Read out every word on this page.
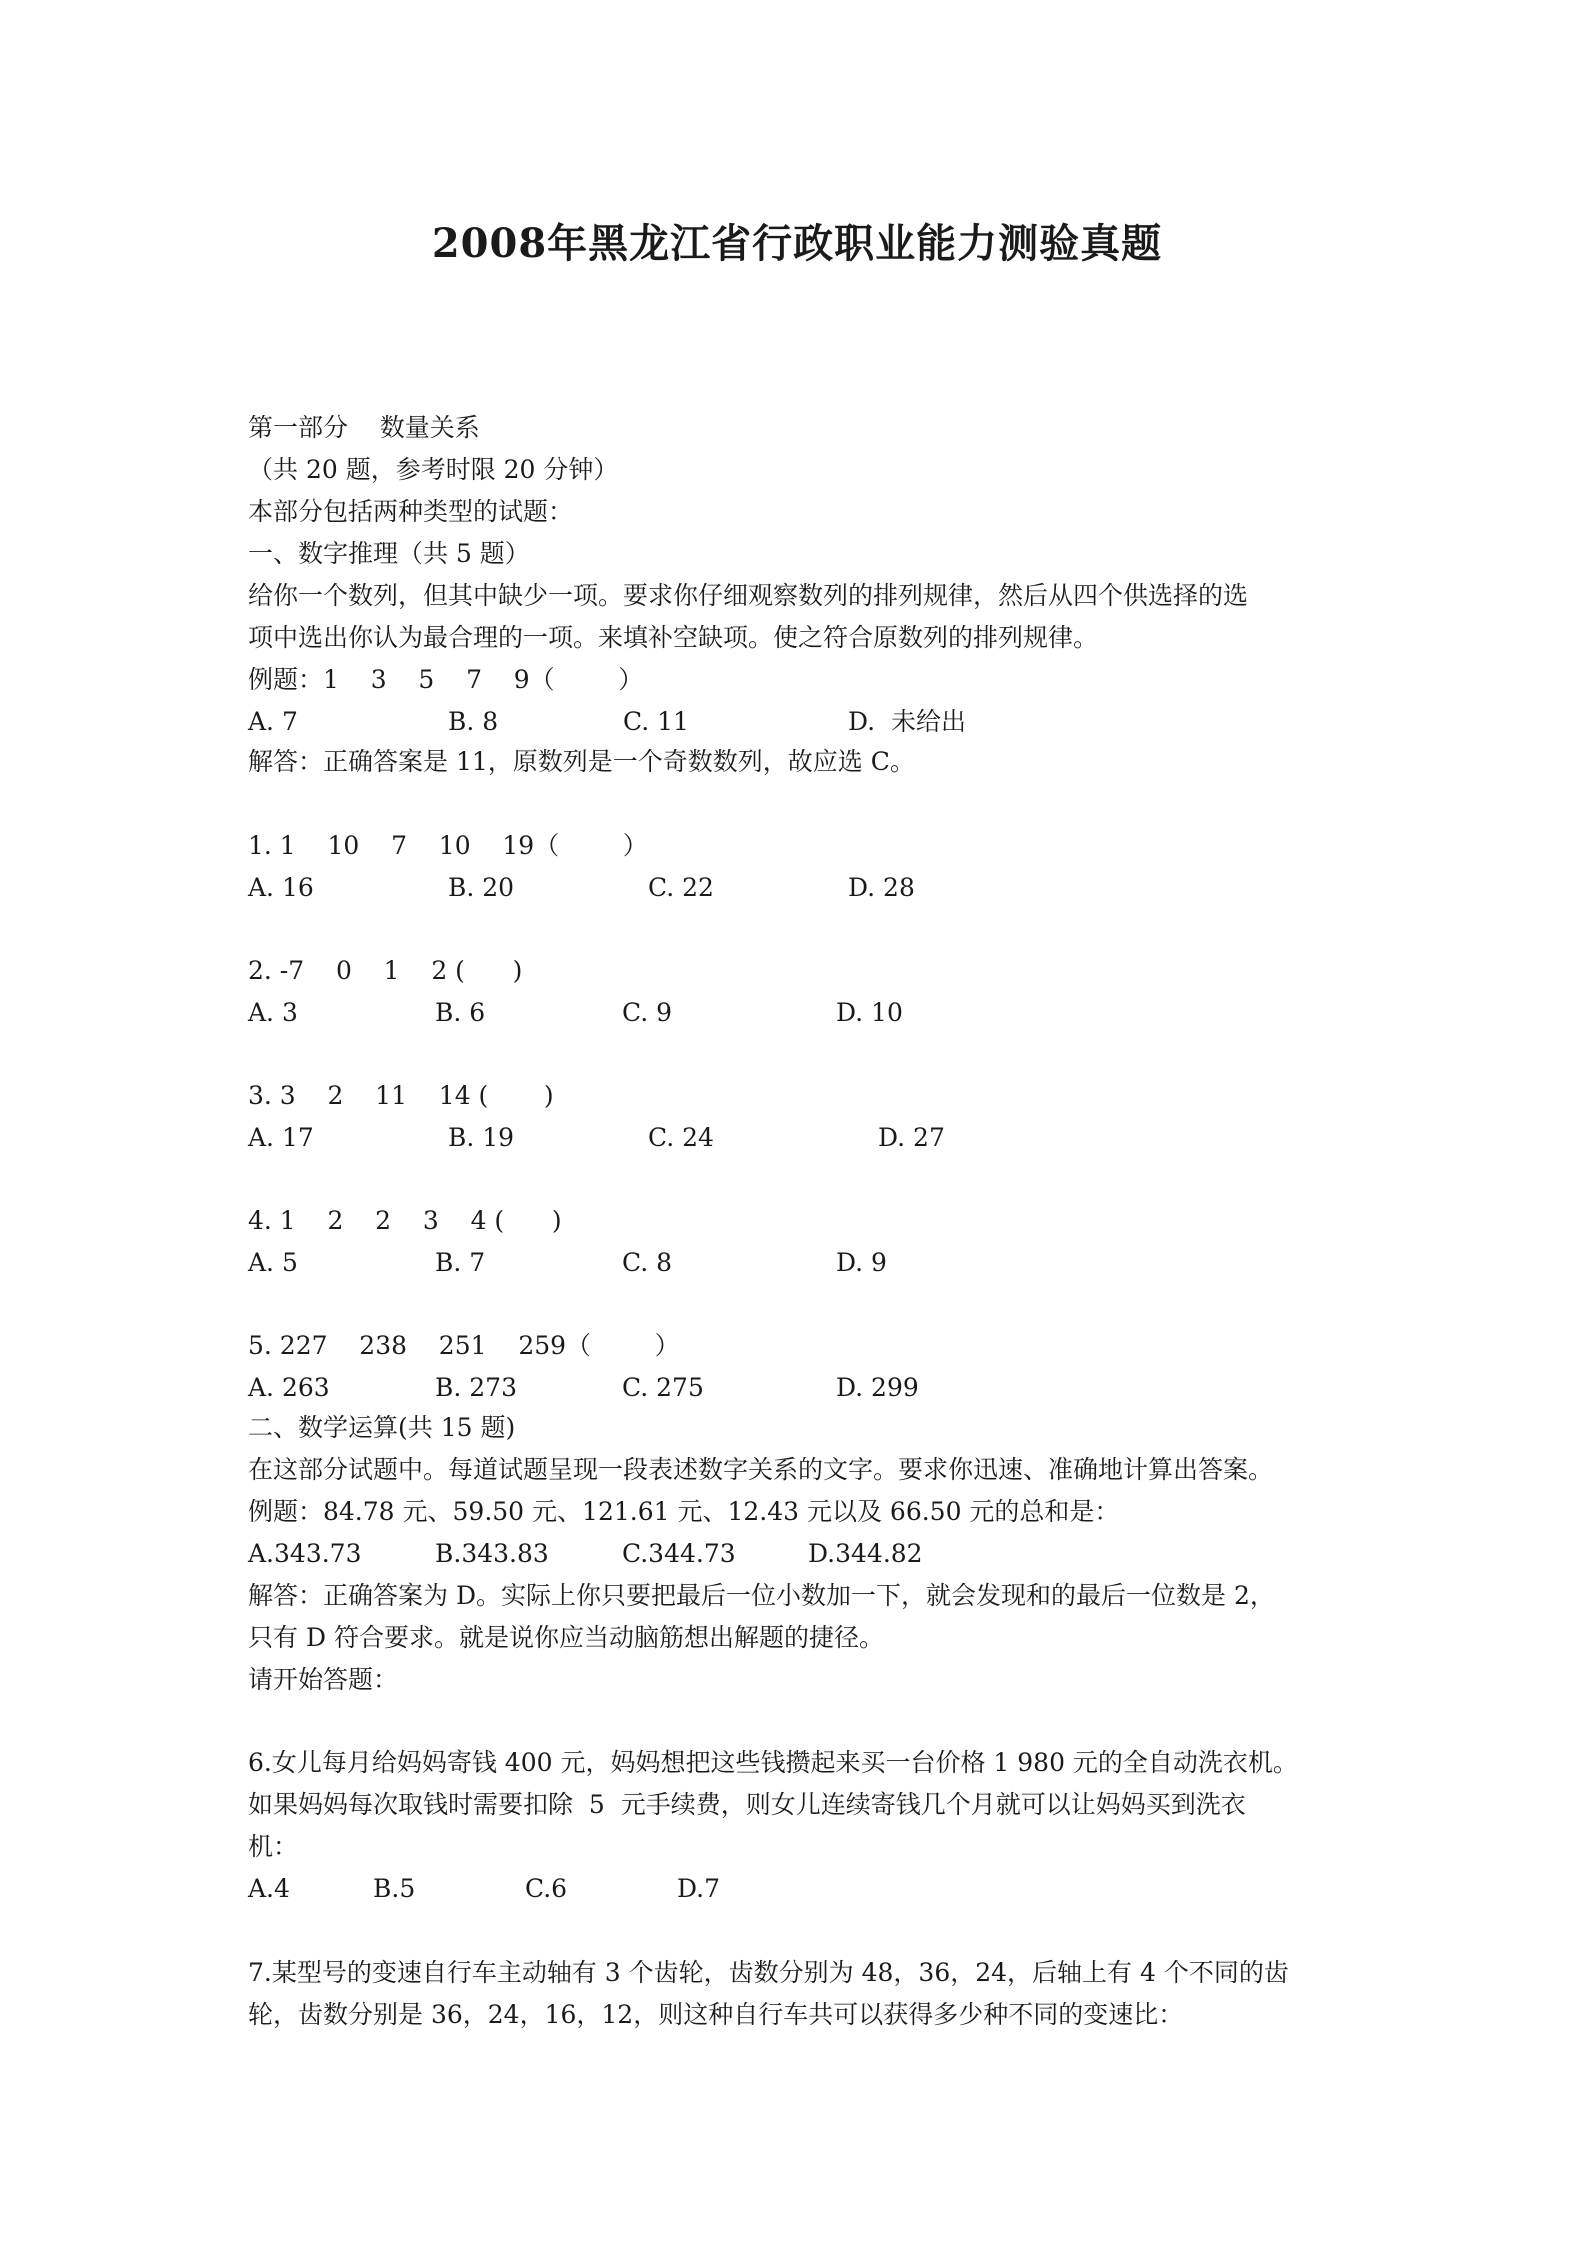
2008年黑龙江省行政职业能力测验真题
第一部分    数量关系
（共 20 题，参考时限 20 分钟）
本部分包括两种类型的试题：
一、数字推理（共 5 题）
给你一个数列，但其中缺少一项。要求你仔细观察数列的排列规律，然后从四个供选择的选
项中选出你认为最合理的一项。来填补空缺项。使之符合原数列的排列规律。
例题：1    3    5    7    9（        ）
A. 7	B. 8	C. 11	D.  未给出
解答：正确答案是 11，原数列是一个奇数数列，故应选 C。
1. 1    10    7    10    19（        ）
A. 16	B. 20	C. 22	D. 28
2. -7    0    1    2 (      )
A. 3	B. 6	C. 9	D. 10
3. 3    2    11    14 (       )
A. 17	B. 19	C. 24	D. 27
4. 1    2    2    3    4 (      )
A. 5	B. 7	C. 8	D. 9
5. 227    238    251    259（        ）
A. 263	B. 273	C. 275	D. 299
二、数学运算(共 15 题)
在这部分试题中。每道试题呈现一段表述数字关系的文字。要求你迅速、准确地计算出答案。
例题：84.78 元、59.50 元、121.61 元、12.43 元以及 66.50 元的总和是：
A.343.73	B.343.83	C.344.73	D.344.82
解答：正确答案为 D。实际上你只要把最后一位小数加一下，就会发现和的最后一位数是 2，
只有 D 符合要求。就是说你应当动脑筋想出解题的捷径。
请开始答题：
6.女儿每月给妈妈寄钱 400 元，妈妈想把这些钱攒起来买一台价格 1 980 元的全自动洗衣机。
如果妈妈每次取钱时需要扣除  5  元手续费，则女儿连续寄钱几个月就可以让妈妈买到洗衣
机：
A.4	B.5	C.6	D.7
7.某型号的变速自行车主动轴有 3 个齿轮，齿数分别为 48，36，24，后轴上有 4 个不同的齿
轮，齿数分别是 36，24，16，12，则这种自行车共可以获得多少种不同的变速比：
